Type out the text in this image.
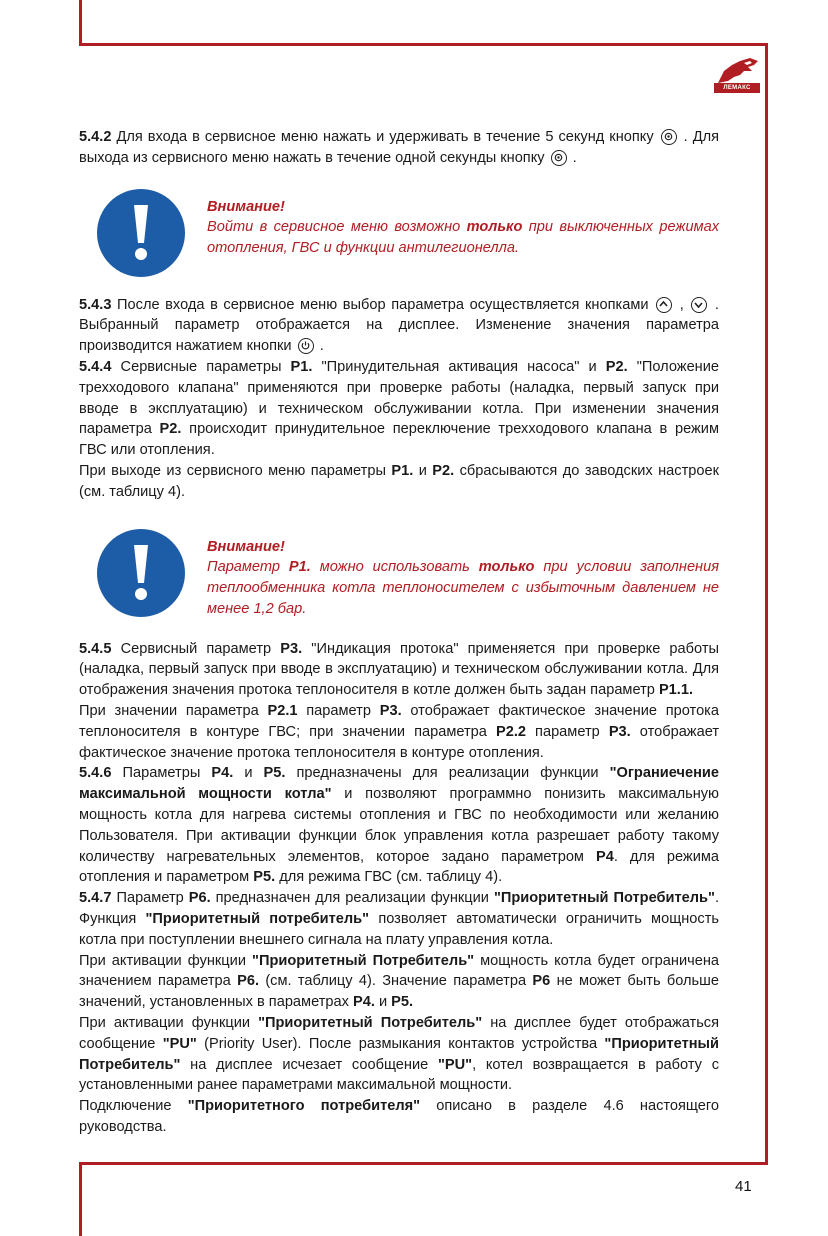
ЛЕМАКС

5.4.2 Для входа в сервисное меню нажать и удерживать в течение 5 секунд кнопку
. Для выхода из сервисного меню нажать в течение одной секунды кнопку
.

Внимание!
Войти в сервисное меню возможно только при выключенных режимах отопления, ГВС и функции антилегионелла.

5.4.3 После входа в сервисное меню выбор параметра осуществляется кнопками
,
. Выбранный параметр отображается на дисплее. Изменение значения параметра производится нажатием кнопки
.

5.4.4 Сервисные параметры P1. "Принудительная активация насоса" и P2. "Положение трехходового клапана" применяются при проверке работы (наладка, первый запуск при вводе в эксплуатацию) и техническом обслуживании котла. При изменении значения параметра P2. происходит принудительное переключение трехходового клапана в режим ГВС или отопления.

При выходе из сервисного меню параметры P1. и P2. сбрасываются до заводских настроек (см. таблицу 4).

Внимание!
Параметр P1. можно использовать только при условии заполнения теплообменника котла теплоносителем с избыточным давлением не менее 1,2 бар.

5.4.5 Сервисный параметр P3. "Индикация протока" применяется при проверке работы (наладка, первый запуск при вводе в эксплуатацию) и техническом обслуживании котла. Для отображения значения протока теплоносителя в котле должен быть задан параметр P1.1.

При значении параметра P2.1 параметр P3. отображает фактическое значение протока теплоносителя в контуре ГВС; при значении параметра P2.2 параметр P3. отображает фактическое значение протока теплоносителя в контуре отопления.

5.4.6 Параметры P4. и P5. предназначены для реализации функции "Ограниечение максимальной мощности котла" и позволяют программно понизить максимальную мощность котла для нагрева системы отопления и ГВС по необходимости или желанию Пользователя. При активации функции блок управления котла разрешает работу такому количеству нагревательных элементов, которое задано параметром P4. для режима отопления и параметром P5. для режима ГВС (см. таблицу 4).

5.4.7 Параметр P6. предназначен для реализации функции "Приоритетный Потребитель". Функция "Приоритетный потребитель" позволяет автоматически ограничить мощность котла при поступлении внешнего сигнала на плату управления котла.

При активации функции "Приоритетный Потребитель" мощность котла будет ограничена значением параметра P6. (см. таблицу 4). Значение параметра P6 не может быть больше значений, установленных в параметрах P4. и P5.

При активации функции "Приоритетный Потребитель" на дисплее будет отображаться сообщение "PU" (Priority User). После размыкания контактов устройства "Приоритетный Потребитель" на дисплее исчезает сообщение "PU", котел возвращается в работу с установленными ранее параметрами максимальной мощности.

Подключение "Приоритетного потребителя" описано в разделе 4.6 настоящего руководства.

41
